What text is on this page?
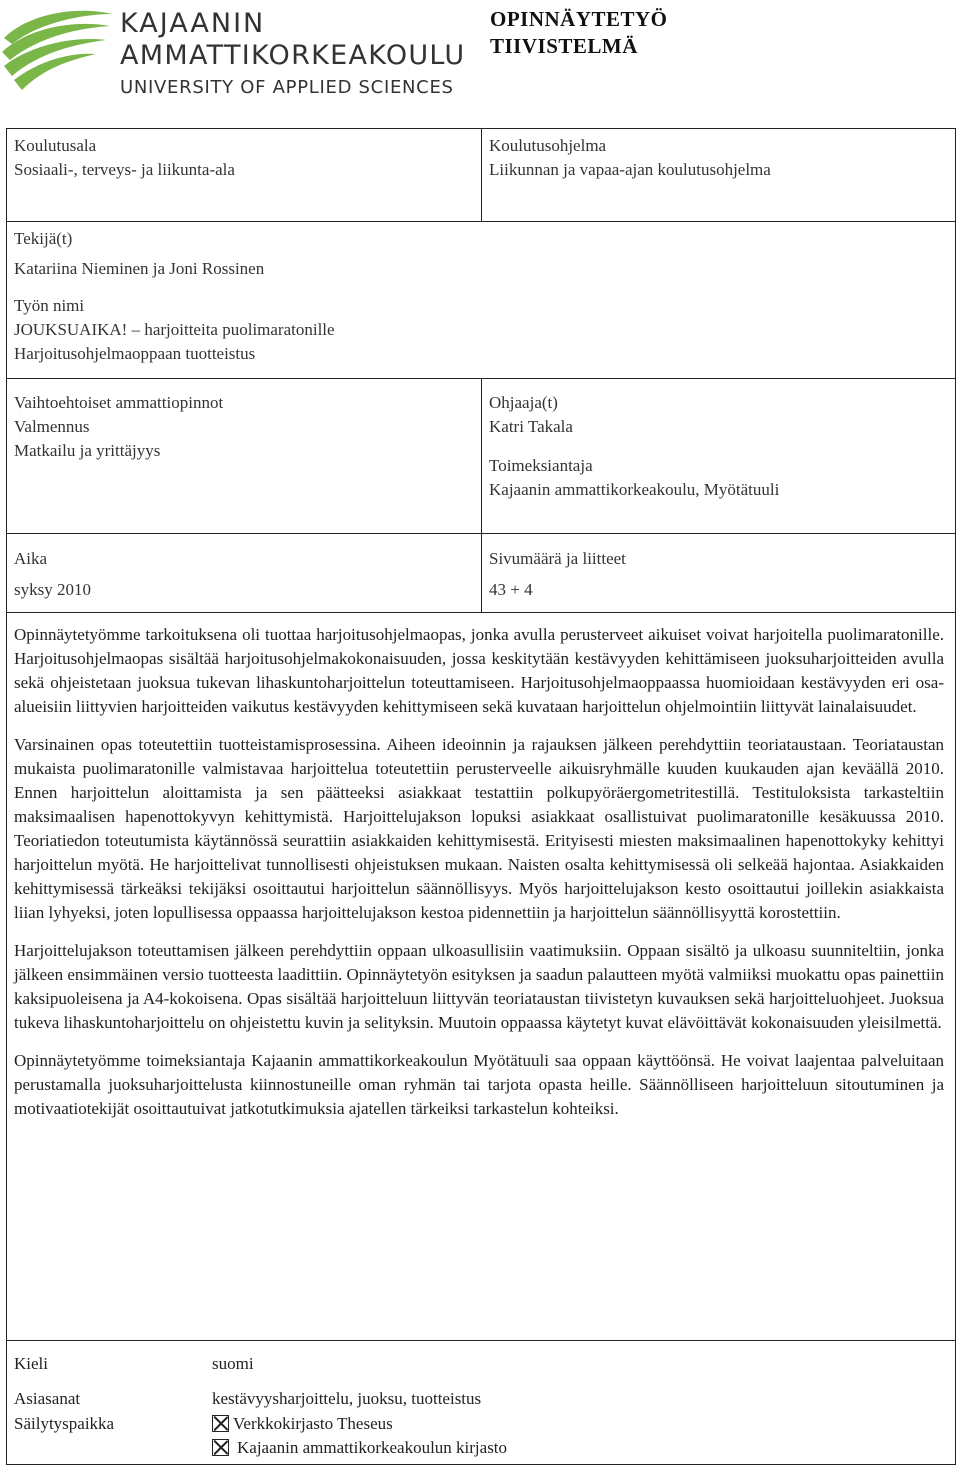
KAJAANIN
AMMATTIKORKEAKOULU
UNIVERSITY OF APPLIED SCIENCES
OPINNÄYTETYÖ
TIIVISTELMÄ
Koulutusala
Sosiaali-, terveys- ja liikunta-ala
Koulutusohjelma
Liikunnan ja vapaa-ajan koulutusohjelma
Tekijä(t)
Katariina Nieminen ja Joni Rossinen
Työn nimi
JOUKSUAIKA! – harjoitteita puolimaratonille
Harjoitusohjelmaoppaan tuotteistus
Vaihtoehtoiset ammattiopinnot
Valmennus
Matkailu ja yrittäjyys
Ohjaaja(t)
Katri Takala
Toimeksiantaja
Kajaanin ammattikorkeakoulu, Myötätuuli
Aika
syksy 2010
Sivumäärä ja liitteet
43 + 4

Opinnäytetyömme tarkoituksena oli tuottaa harjoitusohjelmaopas, jonka avulla perusterveet aikuiset voivat harjoitella puolimaratonille. Harjoitusohjelmaopas sisältää harjoitusohjelmakokonaisuuden, jossa keskitytään kestävyyden kehittämiseen juoksuharjoitteiden avulla sekä ohjeistetaan juoksua tukevan lihaskuntoharjoittelun toteuttamiseen. Harjoitusohjelmaoppaassa huomioidaan kestävyyden eri osa-alueisiin liittyvien harjoitteiden vaikutus kestävyyden kehittymiseen sekä kuvataan harjoittelun ohjelmointiin liittyvät lainalaisuudet.

Varsinainen opas toteutettiin tuotteistamisprosessina. Aiheen ideoinnin ja rajauksen jälkeen perehdyttiin teoriataustaan. Teoriataustan mukaista puolimaratonille valmistavaa harjoittelua toteutettiin perusterveelle aikuisryhmälle kuuden kuukauden ajan keväällä 2010. Ennen harjoittelun aloittamista ja sen päätteeksi asiakkaat testattiin polkupyöräergometritestillä. Testituloksista tarkasteltiin maksimaalisen hapenottokyvyn kehittymistä. Harjoittelujakson lopuksi asiakkaat osallistuivat puolimaratonille kesäkuussa 2010. Teoriatiedon toteutumista käytännössä seurattiin asiakkaiden kehittymisestä. Erityisesti miesten maksimaalinen hapenottokyky kehittyi harjoittelun myötä. He harjoittelivat tunnollisesti ohjeistuksen mukaan. Naisten osalta kehittymisessä oli selkeää hajontaa. Asiakkaiden kehittymisessä tärkeäksi tekijäksi osoittautui harjoittelun säännöllisyys. Myös harjoittelujakson kesto osoittautui joillekin asiakkaista liian lyhyeksi, joten lopullisessa oppaassa harjoittelujakson kestoa pidennettiin ja harjoittelun säännöllisyyttä korostettiin.

Harjoittelujakson toteuttamisen jälkeen perehdyttiin oppaan ulkoasullisiin vaatimuksiin. Oppaan sisältö ja ulkoasu suunniteltiin, jonka jälkeen ensimmäinen versio tuotteesta laadittiin. Opinnäytetyön esityksen ja saadun palautteen myötä valmiiksi muokattu opas painettiin kaksipuoleisena ja A4-kokoisena. Opas sisältää harjoitteluun liittyvän teoriataustan tiivistetyn kuvauksen sekä harjoitteluohjeet. Juoksua tukeva lihaskuntoharjoittelu on ohjeistettu kuvin ja selityksin. Muutoin oppaassa käytetyt kuvat elävöittävät kokonaisuuden yleisilmettä.

Opinnäytetyömme toimeksiantaja Kajaanin ammattikorkeakoulun Myötätuuli saa oppaan käyttöönsä. He voivat laajentaa palveluitaan perustamalla juoksuharjoittelusta kiinnostuneille oman ryhmän tai tarjota opasta heille. Säännölliseen harjoitteluun sitoutuminen ja motivaatiotekijät osoittautuivat jatkotutkimuksia ajatellen tärkeiksi tarkastelun kohteiksi.

Kieli	suomi
Asiasanat	kestävyysharjoittelu, juoksu, tuotteistus
Säilytyspaikka	Verkkokirjasto Theseus
Kajaanin ammattikorkeakoulun kirjasto
